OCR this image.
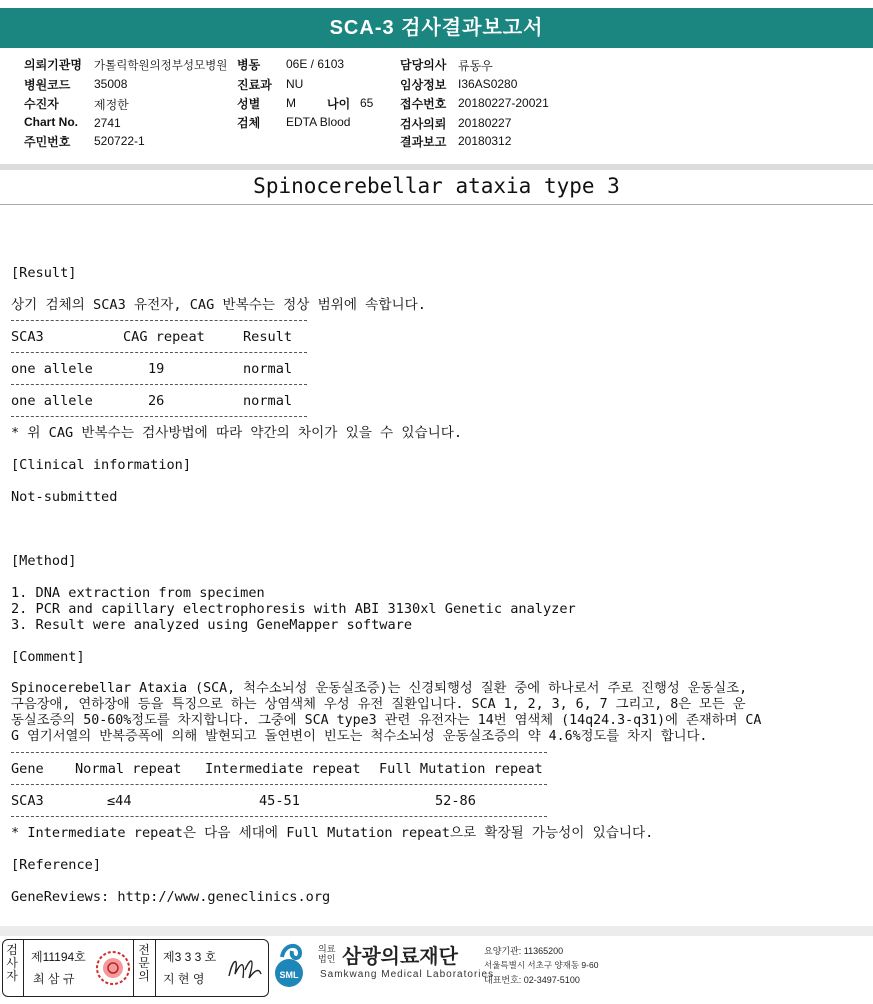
SCA-3 검사결과보고서
의뢰기관명 가톨릭학원의정부성모병원 병동 06E / 6103	담당의사 류동우
병원코드 35008	진료과 NU	임상정보 I36AS0280
수진자	제정한	성별 M	나이 65 접수번호 20180227-20021
Chart No. 2741	검체 EDTA Blood	검사의뢰 20180227
주민번호 520722-1	결과보고 20180312
Spinocerebellar ataxia type 3
[Result]
상기 검체의 SCA3 유전자, CAG 반복수는 정상 범위에 속합니다.
SCA3	CAG repeat	Result
one allele	19	normal
one allele	26	normal
* 위 CAG 반복수는 검사방법에 따라 약간의 차이가 있을 수 있습니다.
[Clinical information]
Not-submitted
[Method]
1. DNA extraction from specimen
2. PCR and capillary electrophoresis with ABI 3130xl Genetic analyzer
3. Result were analyzed using GeneMapper software
[Comment]
Spinocerebellar Ataxia (SCA, 척수소뇌성 운동실조증)는 신경퇴행성 질환 중에 하나로서 주로 진행성 운동실조,
구음장애, 연하장애 등을 특징으로 하는 상염색체 우성 유전 질환입니다. SCA 1, 2, 3, 6, 7 그리고, 8은 모든 운
동실조증의 50-60%정도를 차지합니다. 그중에 SCA type3 관련 유전자는 14번 염색체 (14q24.3-q31)에 존재하며 CA
G 염기서열의 반복증폭에 의해 발현되고 돌연변이 빈도는 척수소뇌성 운동실조증의 약 4.6%정도를 차지 합니다.
Gene Normal repeat Intermediate repeat Full Mutation repeat
SCA3	≤44	45-51	52-86
* Intermediate repeat은 다음 세대에 Full Mutation repeat으로 확장될 가능성이 있습니다.
[Reference]
GeneReviews: http://www.geneclinics.org
검
사
자
제11194호
최 삼 규
전
문
의
제3 3 3 호
지 현 영	SML
의료
법인 삼광의료재단
Samkwang Medical Laboratories
요양기관: 11365200
서울특별시 서초구 양재동 9-60
대표번호: 02-3497-5100
